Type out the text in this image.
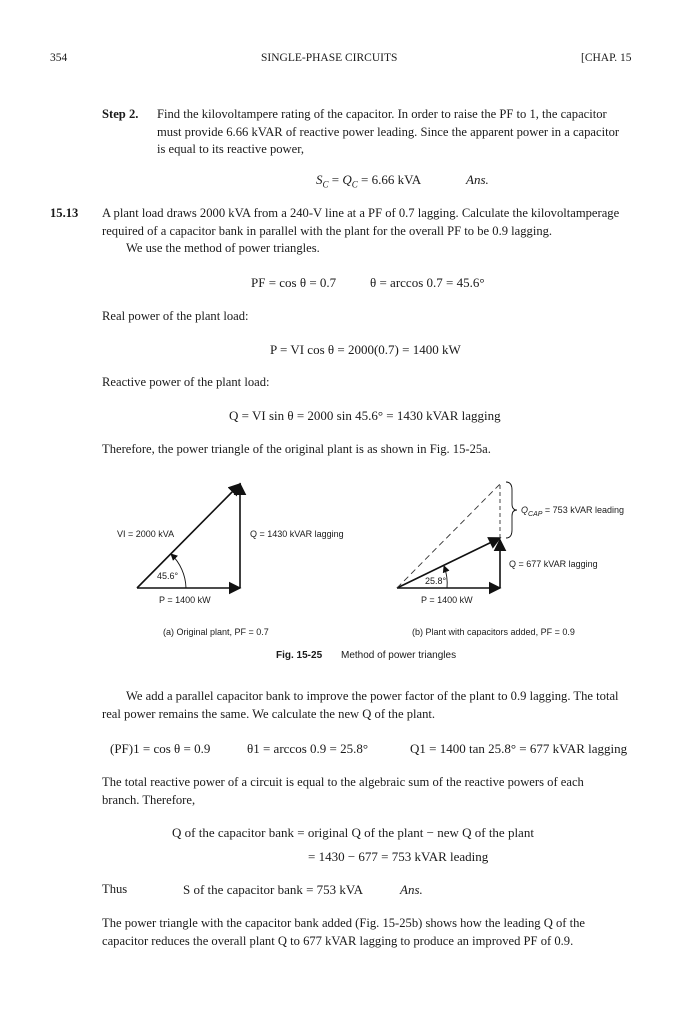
354	SINGLE-PHASE CIRCUITS	[CHAP. 15
Step 2. Find the kilovoltampere rating of the capacitor. In order to raise the PF to 1, the capacitor
must provide 6.66 kVAR of reactive power leading. Since the apparent power in a capacitor
is equal to its reactive power,
$S_C = Q_C = 6.66$ kVA	Ans.
15.13 A plant load draws 2000 kVA from a 240-V line at a PF of 0.7 lagging. Calculate the kilovoltamperage
required of a capacitor bank in parallel with the plant for the overall PF to be 0.9 lagging.
We use the method of power triangles.
PF = cos θ = 0.7	θ = arccos 0.7 = 45.6°
Real power of the plant load:
P = VI cos θ = 2000(0.7) = 1400 kW
Reactive power of the plant load:
Q = VI sin θ = 2000 sin 45.6° = 1430 kVAR lagging
Therefore, the power triangle of the original plant is as shown in Fig. 15-25a.
VI = 2000 kVA	Q = 1430 kVAR lagging
45.6°
P = 1400 kW
(a) Original plant, PF = 0.7
$Q_{CAP} = 753$ kVAR leading
Q = 677 kVAR lagging
25.8°
P = 1400 kW
(b) Plant with capacitors added, PF = 0.9
Fig. 15-25 Method of power triangles
We add a parallel capacitor bank to improve the power factor of the plant to 0.9 lagging. The total
real power remains the same. We calculate the new Q of the plant.
(PF)1 = cos θ = 0.9	θ1 = arccos 0.9 = 25.8°	Q1 = 1400 tan 25.8° = 677 kVAR lagging
The total reactive power of a circuit is equal to the algebraic sum of the reactive powers of each
branch. Therefore,
Q of the capacitor bank = original Q of the plant − new Q of the plant
= 1430 − 677 = 753 kVAR leading
Thus	S of the capacitor bank = 753 kVA	Ans.
The power triangle with the capacitor bank added (Fig. 15-25b) shows how the leading Q of the
capacitor reduces the overall plant Q to 677 kVAR lagging to produce an improved PF of 0.9.
